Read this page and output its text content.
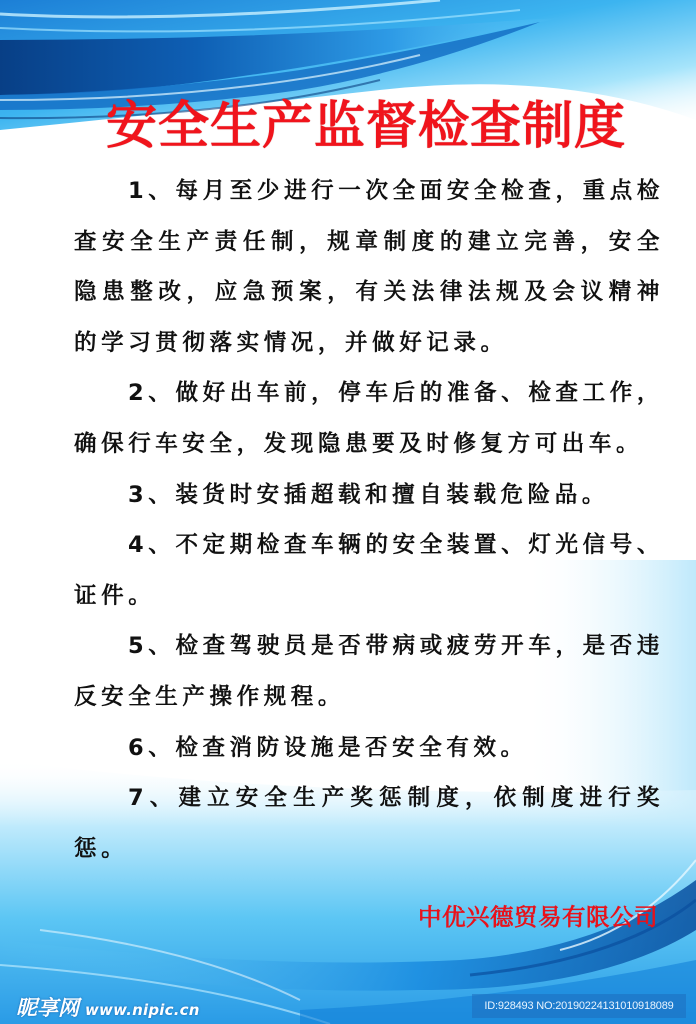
安全生产监督检查制度

1、每月至少进行一次全面安全检查，重点检查安全生产责任制，规章制度的建立完善，安全隐患整改，应急预案，有关法律法规及会议精神的学习贯彻落实情况，并做好记录。

2、做好出车前，停车后的准备、检查工作，确保行车安全，发现隐患要及时修复方可出车。

3、装货时安插超载和擅自装载危险品。

4、不定期检查车辆的安全装置、灯光信号、证件。

5、检查驾驶员是否带病或疲劳开车，是否违反安全生产操作规程。

6、检查消防设施是否安全有效。

7、建立安全生产奖惩制度，依制度进行奖惩。

中优兴德贸易有限公司
昵享网 www.nipic.cn	ID:928493 NO:20190224131010918089
